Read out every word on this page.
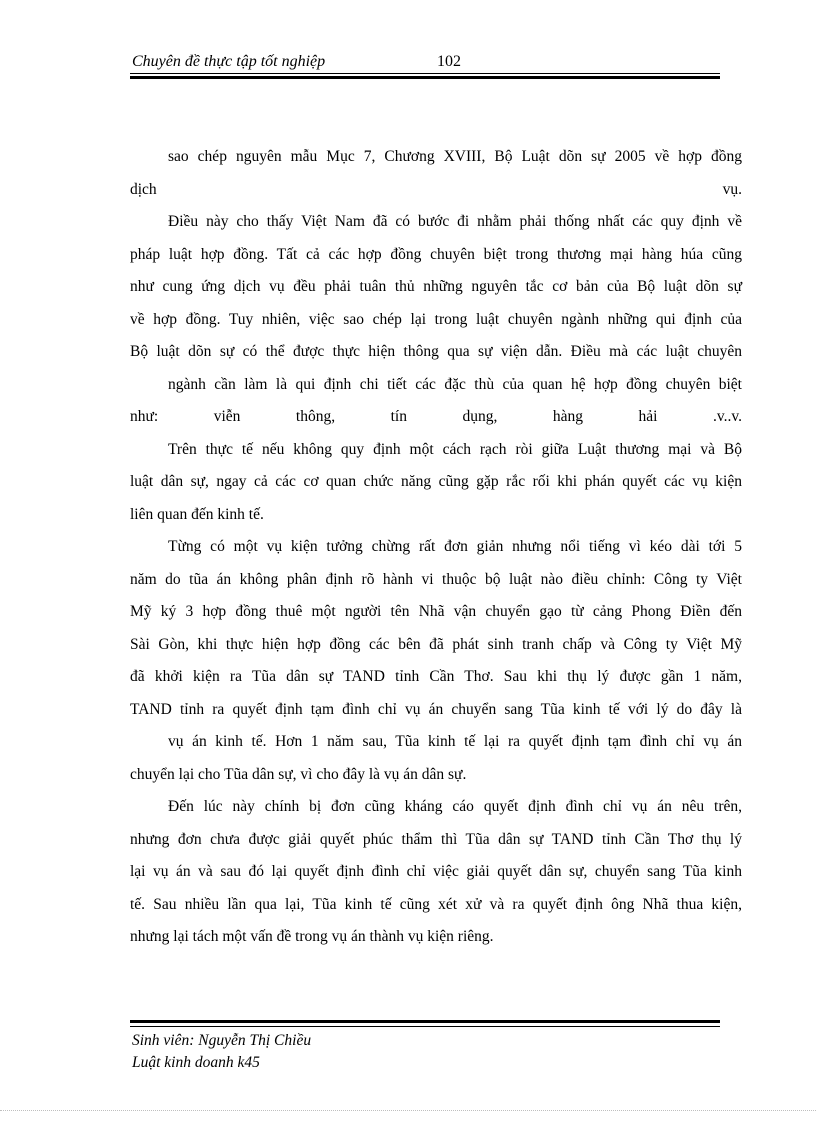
Chuyên đề thực tập tốt nghiệp	102
sao chép nguyên mẫu Mục 7, Chương XVIII, Bộ Luật dõn sự 2005 về hợp đồng
dịch vụ.
Điều này cho thấy Việt Nam đã có bước đi nhằm phải thống nhất các quy định về
pháp luật hợp đồng. Tất cả các hợp đồng chuyên biệt trong thương mại hàng húa cũng
như cung ứng dịch vụ đều phải tuân thủ những nguyên tắc cơ bản của Bộ luật dõn sự
về hợp đồng. Tuy nhiên, việc sao chép lại trong luật chuyên ngành những qui định của
Bộ luật dõn sự có thể được thực hiện thông qua sự viện dẫn. Điều mà các luật chuyên
ngành cần làm là qui định chi tiết các đặc thù của quan hệ hợp đồng chuyên biệt
như: viễn thông, tín dụng, hàng hải .v..v.
Trên thực tế nếu không quy định một cách rạch ròi giữa Luật thương mại và Bộ
luật dân sự, ngay cả các cơ quan chức năng cũng gặp rắc rối khi phán quyết các vụ kiện
liên quan đến kinh tế.
Từng có một vụ kiện tưởng chừng rất đơn giản nhưng nổi tiếng vì kéo dài tới 5
năm do tũa án không phân định rõ hành vi thuộc bộ luật nào điều chỉnh: Công ty Việt
Mỹ ký 3 hợp đồng thuê một người tên Nhã vận chuyển gạo từ cảng Phong Điền đến
Sài Gòn, khi thực hiện hợp đồng các bên đã phát sinh tranh chấp và Công ty Việt Mỹ
đã khởi kiện ra Tũa dân sự TAND tỉnh Cần Thơ. Sau khi thụ lý được gần 1 năm,
TAND tỉnh ra quyết định tạm đình chỉ vụ án chuyển sang Tũa kinh tế với lý do đây là
vụ án kinh tế. Hơn 1 năm sau, Tũa kinh tế lại ra quyết định tạm đình chỉ vụ án
chuyển lại cho Tũa dân sự, vì cho đây là vụ án dân sự.
Đến lúc này chính bị đơn cũng kháng cáo quyết định đình chỉ vụ án nêu trên,
nhưng đơn chưa được giải quyết phúc thẩm thì Tũa dân sự TAND tỉnh Cần Thơ thụ lý
lại vụ án và sau đó lại quyết định đình chỉ việc giải quyết dân sự, chuyển sang Tũa kinh
tế. Sau nhiều lần qua lại, Tũa kinh tế cũng xét xử và ra quyết định ông Nhã thua kiện,
nhưng lại tách một vấn đề trong vụ án thành vụ kiện riêng.
Sinh viên: Nguyễn Thị Chiều
Luật kinh doanh k45
